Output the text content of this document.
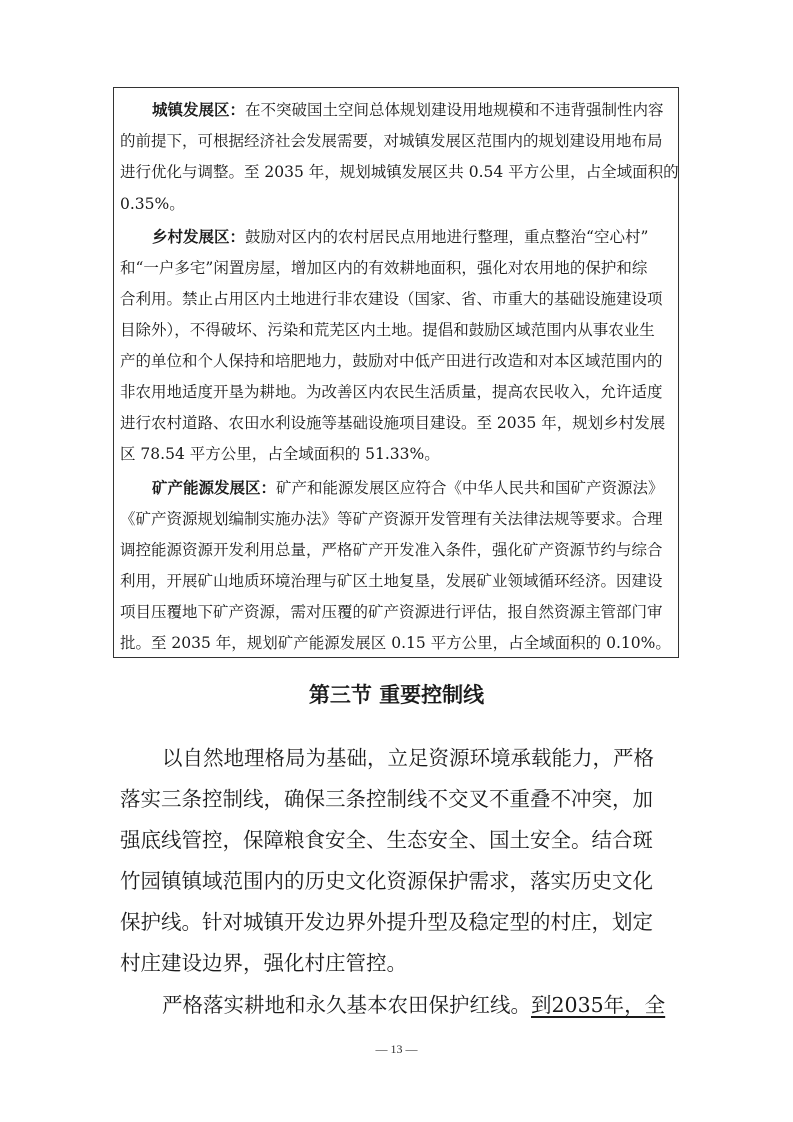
城镇发展区：在不突破国土空间总体规划建设用地规模和不违背强制性内容
的前提下，可根据经济社会发展需要，对城镇发展区范围内的规划建设用地布局
进行优化与调整。至 2035 年，规划城镇发展区共 0.54 平方公里，占全域面积的
0.35%。
乡村发展区：鼓励对区内的农村居民点用地进行整理，重点整治“空心村”
和“一户多宅”闲置房屋，增加区内的有效耕地面积，强化对农用地的保护和综
合利用。禁止占用区内土地进行非农建设（国家、省、市重大的基础设施建设项
目除外），不得破坏、污染和荒芜区内土地。提倡和鼓励区域范围内从事农业生
产的单位和个人保持和培肥地力，鼓励对中低产田进行改造和对本区域范围内的
非农用地适度开垦为耕地。为改善区内农民生活质量，提高农民收入，允许适度
进行农村道路、农田水利设施等基础设施项目建设。至 2035 年，规划乡村发展
区 78.54 平方公里，占全域面积的 51.33%。
矿产能源发展区：矿产和能源发展区应符合《中华人民共和国矿产资源法》
《矿产资源规划编制实施办法》等矿产资源开发管理有关法律法规等要求。合理
调控能源资源开发利用总量，严格矿产开发准入条件，强化矿产资源节约与综合
利用，开展矿山地质环境治理与矿区土地复垦，发展矿业领域循环经济。因建设
项目压覆地下矿产资源，需对压覆的矿产资源进行评估，报自然资源主管部门审
批。至 2035 年，规划矿产能源发展区 0.15 平方公里，占全域面积的 0.10%。
第三节 重要控制线
以自然地理格局为基础，立足资源环境承载能力，严格
落实三条控制线，确保三条控制线不交叉不重叠不冲突，加
强底线管控，保障粮食安全、生态安全、国土安全。结合斑
竹园镇镇域范围内的历史文化资源保护需求，落实历史文化
保护线。针对城镇开发边界外提升型及稳定型的村庄，划定
村庄建设边界，强化村庄管控。
严格落实耕地和永久基本农田保护红线。到2035年，全
— 13 —
